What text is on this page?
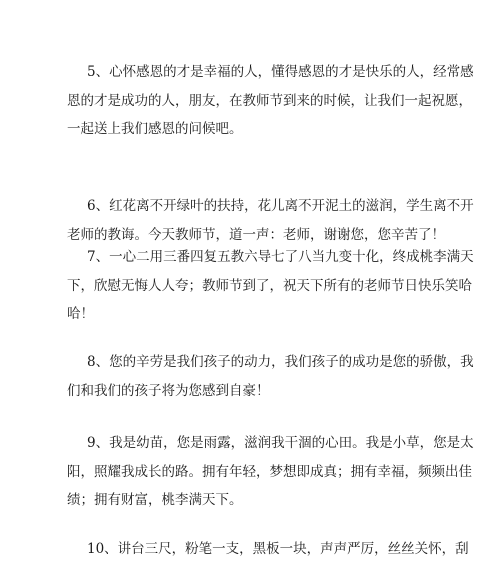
5、心怀感恩的才是幸福的人，懂得感恩的才是快乐的人，经常感
恩的才是成功的人，朋友，在教师节到来的时候，让我们一起祝愿，
一起送上我们感恩的问候吧。

6、红花离不开绿叶的扶持，花儿离不开泥土的滋润，学生离不开
老师的教诲。今天教师节，道一声：老师，谢谢您，您辛苦了！

7、一心二用三番四复五教六导七了八当九变十化，终成桃李满天
下，欣慰无悔人人夸；教师节到了，祝天下所有的老师节日快乐笑哈
哈！

8、您的辛劳是我们孩子的动力，我们孩子的成功是您的骄傲，我
们和我们的孩子将为您感到自豪！

9、我是幼苗，您是雨露，滋润我干涸的心田。我是小草，您是太
阳，照耀我成长的路。拥有年轻，梦想即成真；拥有幸福，频频出佳
绩；拥有财富，桃李满天下。

10、讲台三尺，粉笔一支，黑板一块，声声严厉，丝丝关怀，刮
